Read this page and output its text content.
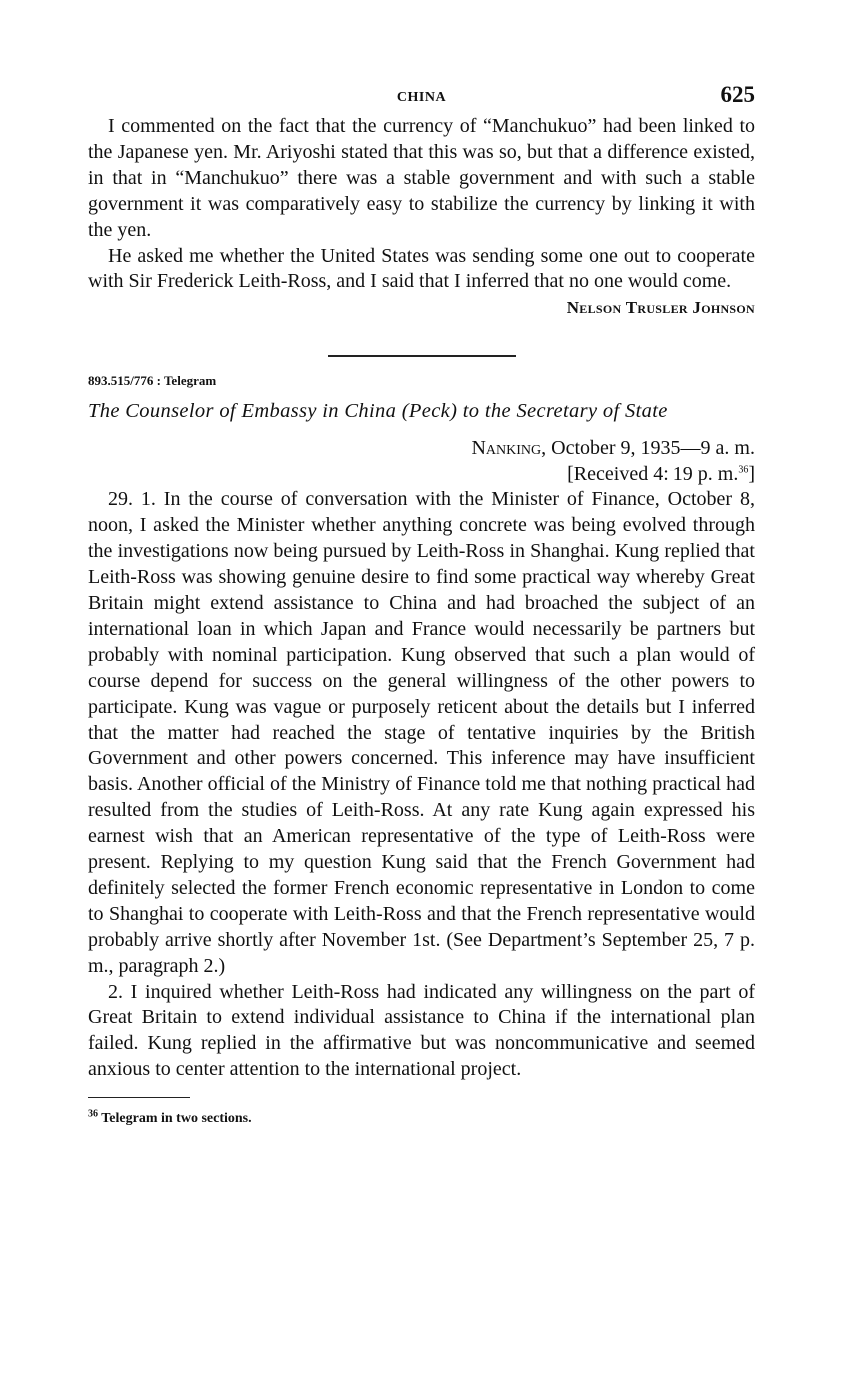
CHINA	625

I commented on the fact that the currency of “Manchukuo” had been linked to the Japanese yen. Mr. Ariyoshi stated that this was so, but that a difference existed, in that in “Manchukuo” there was a stable government and with such a stable government it was comparatively easy to stabilize the currency by linking it with the yen.

He asked me whether the United States was sending some one out to cooperate with Sir Frederick Leith-Ross, and I said that I inferred that no one would come.

Nelson Trusler Johnson
893.515/776 : Telegram
The Counselor of Embassy in China (Peck) to the Secretary of State
Nanking, October 9, 1935—9 a. m.
[Received 4: 19 p. m.$^{36}$]

29. 1. In the course of conversation with the Minister of Finance, October 8, noon, I asked the Minister whether anything concrete was being evolved through the investigations now being pursued by Leith-Ross in Shanghai. Kung replied that Leith-Ross was showing genuine desire to find some practical way whereby Great Britain might extend assistance to China and had broached the subject of an international loan in which Japan and France would necessarily be partners but probably with nominal participation. Kung observed that such a plan would of course depend for success on the general willingness of the other powers to participate. Kung was vague or purposely reticent about the details but I inferred that the matter had reached the stage of tentative inquiries by the British Government and other powers concerned. This inference may have insufficient basis. Another official of the Ministry of Finance told me that nothing practical had resulted from the studies of Leith-Ross. At any rate Kung again expressed his earnest wish that an American representative of the type of Leith-Ross were present. Replying to my question Kung said that the French Government had definitely selected the former French economic representative in London to come to Shanghai to cooperate with Leith-Ross and that the French representative would probably arrive shortly after November 1st. (See Department’s September 25, 7 p. m., paragraph 2.)

2. I inquired whether Leith-Ross had indicated any willingness on the part of Great Britain to extend individual assistance to China if the international plan failed. Kung replied in the affirmative but was noncommunicative and seemed anxious to center attention to the international project.

$^{36}$ Telegram in two sections.
